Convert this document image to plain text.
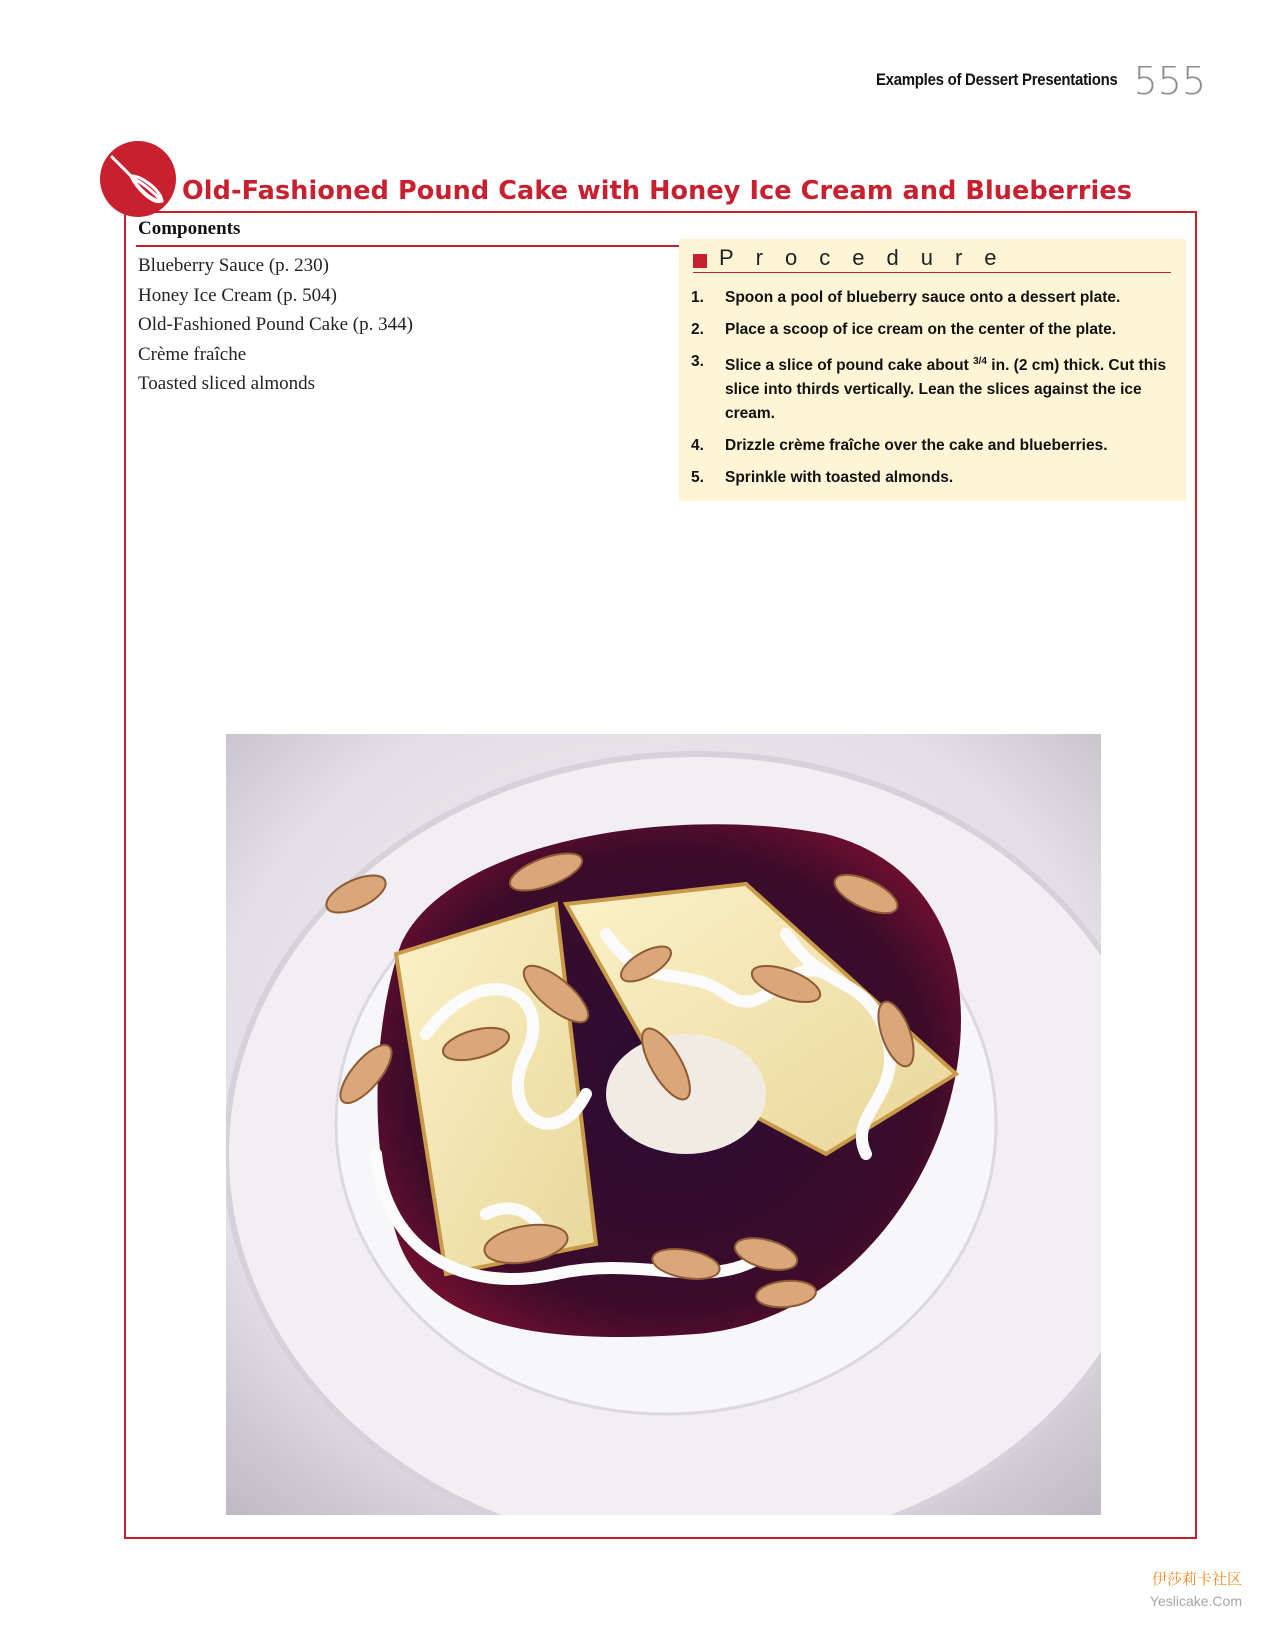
Examples of Dessert Presentations 555
Old-Fashioned Pound Cake with Honey Ice Cream and Blueberries
Components
Blueberry Sauce (p. 230)
Honey Ice Cream (p. 504)
Old-Fashioned Pound Cake (p. 344)
Crème fraîche
Toasted sliced almonds
Procedure
1.	Spoon a pool of blueberry sauce onto a dessert plate.
2.	Place a scoop of ice cream on the center of the plate.
3.	Slice a slice of pound cake about $^{3/4}$ in. (2 cm) thick. Cut this slice into thirds vertically. Lean the slices against the ice cream.
4.	Drizzle crème fraîche over the cake and blueberries.
5.	Sprinkle with toasted almonds.
伊莎莉卡社区
Yeslicake.Com
